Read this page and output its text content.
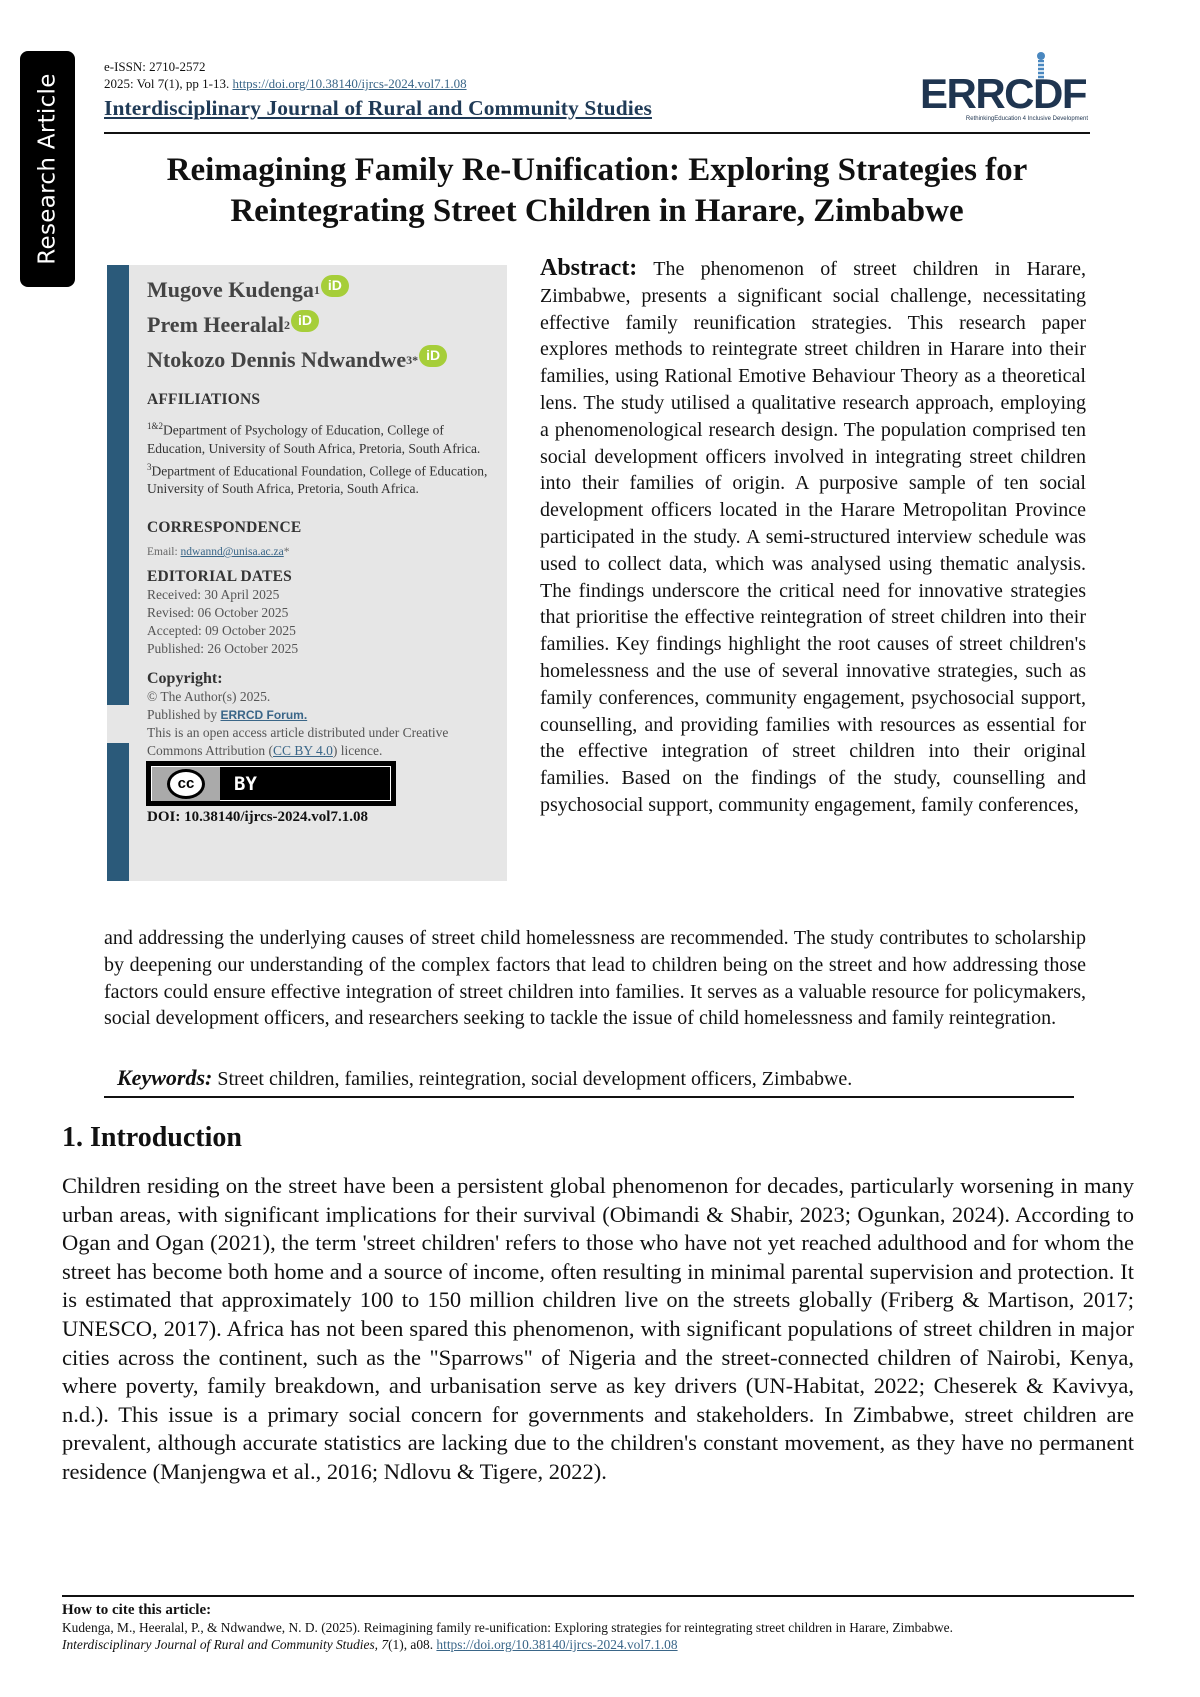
Research Article
e-ISSN: 2710-2572
2025: Vol 7(1), pp 1-13. https://doi.org/10.38140/ijrcs-2024.vol7.1.08
Interdisciplinary Journal of Rural and Community Studies	ERRCDF
RethinkingEducation 4 Inclusive Development
Reimagining Family Re-Unification: Exploring Strategies for
Reintegrating Street Children in Harare, Zimbabwe
Mugove Kudenga 1 iD
Prem Heeralal 2 iD
Ntokozo Dennis Ndwandwe 3* iD
AFFILIATIONS
$^{1\&2}$Department of Psychology of Education, College of Education, University of South Africa, Pretoria, South Africa.
$^3$Department of Educational Foundation, College of Education, University of South Africa, Pretoria, South Africa.
CORRESPONDENCE
Email: ndwannd@unisa.ac.za*
EDITORIAL DATES
Received: 30 April 2025
Revised: 06 October 2025
Accepted: 09 October 2025
Published: 26 October 2025
Copyright:
© The Author(s) 2025.
Published by ERRCD Forum.
This is an open access article distributed under Creative Commons Attribution (CC BY 4.0) licence.
cc	BY
DOI: 10.38140/ijrcs-2024.vol7.1.08
Abstract: The phenomenon of street children in Harare, Zimbabwe, presents a significant social challenge, necessitating effective family reunification strategies. This research paper explores methods to reintegrate street children in Harare into their families, using Rational Emotive Behaviour Theory as a theoretical lens. The study utilised a qualitative research approach, employing a phenomenological research design. The population comprised ten social development officers involved in integrating street children into their families of origin. A purposive sample of ten social development officers located in the Harare Metropolitan Province participated in the study. A semi-structured interview schedule was used to collect data, which was analysed using thematic analysis. The findings underscore the critical need for innovative strategies that prioritise the effective reintegration of street children into their families. Key findings highlight the root causes of street children's homelessness and the use of several innovative strategies, such as family conferences, community engagement, psychosocial support, counselling, and providing families with resources as essential for the effective integration of street children into their original families. Based on the findings of the study, counselling and psychosocial support, community engagement, family conferences,
and addressing the underlying causes of street child homelessness are recommended. The study contributes to scholarship by deepening our understanding of the complex factors that lead to children being on the street and how addressing those factors could ensure effective integration of street children into families. It serves as a valuable resource for policymakers, social development officers, and researchers seeking to tackle the issue of child homelessness and family reintegration.
Keywords: Street children, families, reintegration, social development officers, Zimbabwe.
1. Introduction
Children residing on the street have been a persistent global phenomenon for decades, particularly worsening in many urban areas, with significant implications for their survival (Obimandi & Shabir, 2023; Ogunkan, 2024). According to Ogan and Ogan (2021), the term 'street children' refers to those who have not yet reached adulthood and for whom the street has become both home and a source of income, often resulting in minimal parental supervision and protection. It is estimated that approximately 100 to 150 million children live on the streets globally (Friberg & Martison, 2017; UNESCO, 2017). Africa has not been spared this phenomenon, with significant populations of street children in major cities across the continent, such as the "Sparrows" of Nigeria and the street-connected children of Nairobi, Kenya, where poverty, family breakdown, and urbanisation serve as key drivers (UN-Habitat, 2022; Cheserek & Kavivya, n.d.). This issue is a primary social concern for governments and stakeholders. In Zimbabwe, street children are prevalent, although accurate statistics are lacking due to the children's constant movement, as they have no permanent residence (Manjengwa et al., 2016; Ndlovu & Tigere, 2022).
How to cite this article:
Kudenga, M., Heeralal, P., & Ndwandwe, N. D. (2025). Reimagining family re-unification: Exploring strategies for reintegrating street children in Harare, Zimbabwe.
Interdisciplinary Journal of Rural and Community Studies, 7(1), a08. https://doi.org/10.38140/ijrcs-2024.vol7.1.08
